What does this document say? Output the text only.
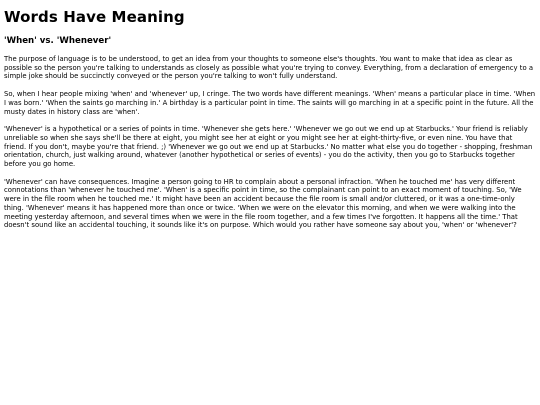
Words Have Meaning
'When' vs. 'Whenever'

The purpose of language is to be understood, to get an idea from your thoughts to someone else's thoughts. You want to make that idea as clear as possible so the person you're talking to understands as closely as possible what you're trying to convey. Everything, from a declaration of emergency to a simple joke should be succinctly conveyed or the person you're talking to won't fully understand.

So, when I hear people mixing 'when' and 'whenever' up, I cringe. The two words have different meanings. 'When' means a particular place in time. 'When I was born.' 'When the saints go marching in.' A birthday is a particular point in time. The saints will go marching in at a specific point in the future. All the musty dates in history class are 'when'.

'Whenever' is a hypothetical or a series of points in time. 'Whenever she gets here.' 'Whenever we go out we end up at Starbucks.' Your friend is reliably unreliable so when she says she'll be there at eight, you might see her at eight or you might see her at eight-thirty-five, or even nine. You have that friend. If you don't, maybe you're that friend. ;) 'Whenever we go out we end up at Starbucks.' No matter what else you do together - shopping, freshman orientation, church, just walking around, whatever (another hypothetical or series of events) - you do the activity, then you go to Starbucks together before you go home.

'Whenever' can have consequences. Imagine a person going to HR to complain about a personal infraction. 'When he touched me' has very different connotations than 'whenever he touched me'. 'When' is a specific point in time, so the complainant can point to an exact moment of touching. So, 'We were in the file room when he touched me.' It might have been an accident because the file room is small and/or cluttered, or it was a one-time-only thing. 'Whenever' means it has happened more than once or twice. 'When we were on the elevator this morning, and when we were walking into the meeting yesterday afternoon, and several times when we were in the file room together, and a few times I've forgotten. It happens all the time.' That doesn't sound like an accidental touching, it sounds like it's on purpose. Which would you rather have someone say about you, 'when' or 'whenever'?
